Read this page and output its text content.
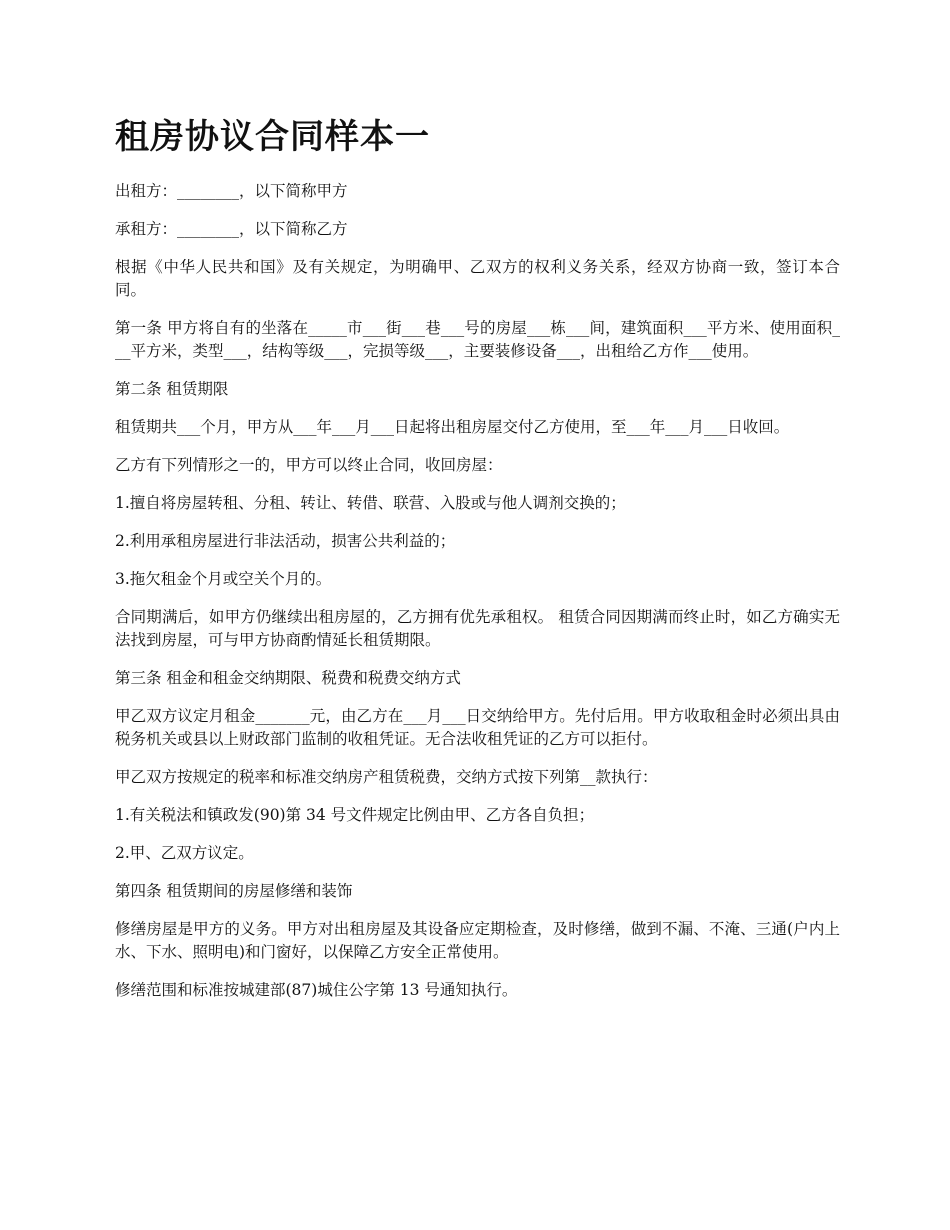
租房协议合同样本一

出租方：________，以下简称甲方

承租方：________，以下简称乙方

根据《中华人民共和国》及有关规定，为明确甲、乙双方的权利义务关系，经双方协商一致，签订本合同。

第一条 甲方将自有的坐落在_____市___街___巷___号的房屋___栋___间，建筑面积___平方米、使用面积___平方米，类型___，结构等级___，完损等级___，主要装修设备___，出租给乙方作___使用。

第二条 租赁期限

租赁期共___个月，甲方从___年___月___日起将出租房屋交付乙方使用，至___年___月___日收回。

乙方有下列情形之一的，甲方可以终止合同，收回房屋：

1.擅自将房屋转租、分租、转让、转借、联营、入股或与他人调剂交换的；

2.利用承租房屋进行非法活动，损害公共利益的；

3.拖欠租金个月或空关个月的。

合同期满后，如甲方仍继续出租房屋的，乙方拥有优先承租权。 租赁合同因期满而终止时，如乙方确实无法找到房屋，可与甲方协商酌情延长租赁期限。

第三条 租金和租金交纳期限、税费和税费交纳方式

甲乙双方议定月租金_______元，由乙方在___月___日交纳给甲方。先付后用。甲方收取租金时必须出具由税务机关或县以上财政部门监制的收租凭证。无合法收租凭证的乙方可以拒付。

甲乙双方按规定的税率和标准交纳房产租赁税费，交纳方式按下列第__款执行：

1.有关税法和镇政发(90)第 34 号文件规定比例由甲、乙方各自负担；

2.甲、乙双方议定。

第四条 租赁期间的房屋修缮和装饰

修缮房屋是甲方的义务。甲方对出租房屋及其设备应定期检查，及时修缮，做到不漏、不淹、三通(户内上水、下水、照明电)和门窗好，以保障乙方安全正常使用。

修缮范围和标准按城建部(87)城住公字第 13 号通知执行。
